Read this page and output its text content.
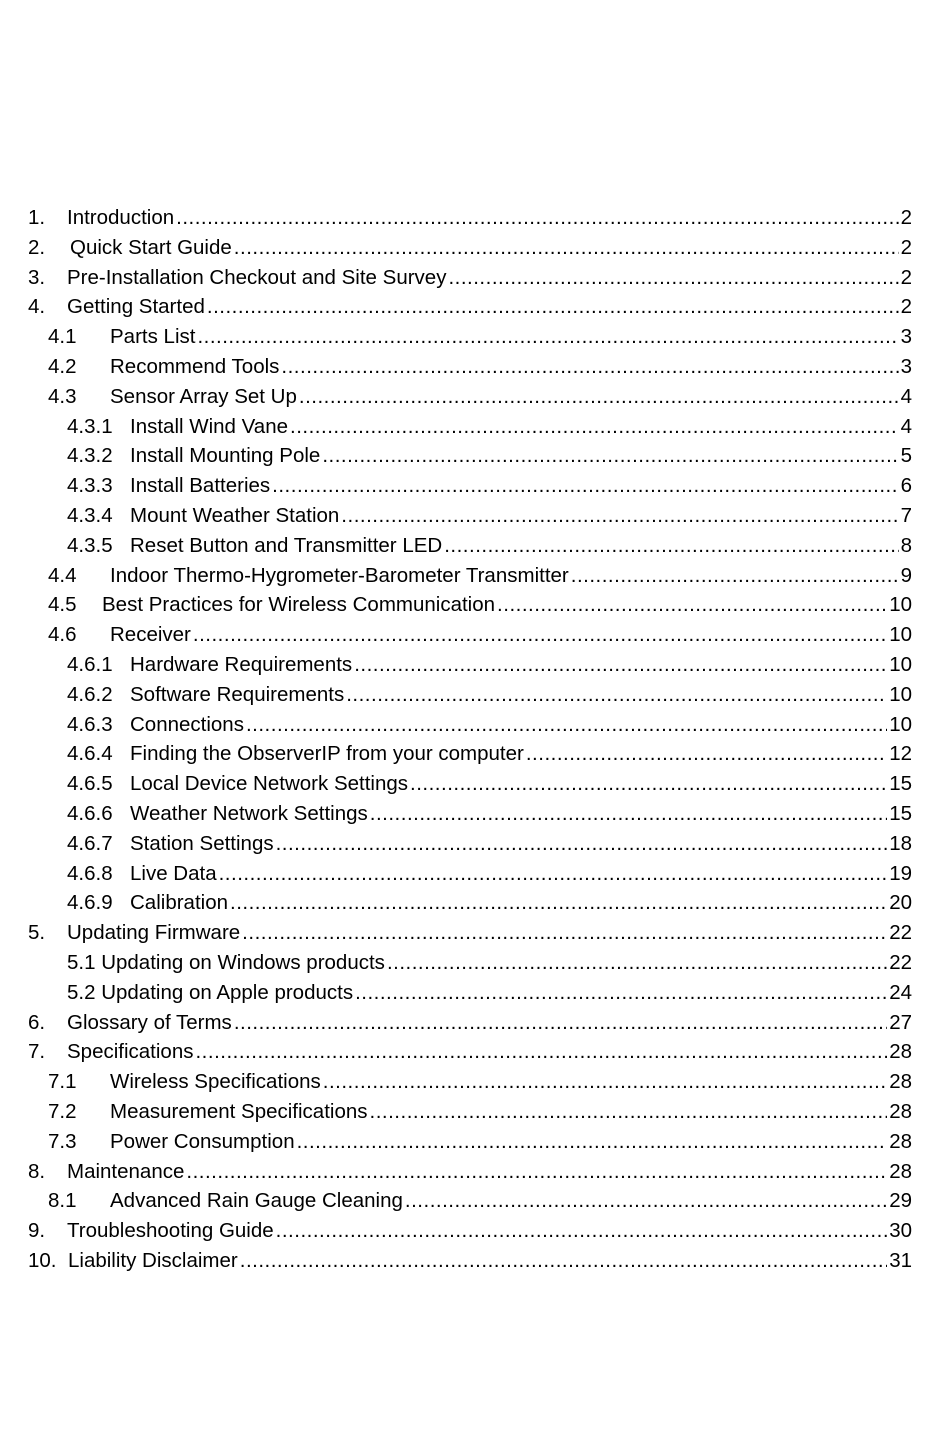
1. Introduction .....	2
2. Quick Start Guide .....	2
3. Pre-Installation Checkout and Site Survey .....	2
4. Getting Started .....	2
4.1 Parts List .....	3
4.2 Recommend Tools .....	3
4.3 Sensor Array Set Up .....	4
4.3.1 Install Wind Vane .....	4
4.3.2 Install Mounting Pole .....	5
4.3.3 Install Batteries .....	6
4.3.4 Mount Weather Station .....	7
4.3.5 Reset Button and Transmitter LED .....	8
4.4 Indoor Thermo-Hygrometer-Barometer Transmitter .....	9
4.5 Best Practices for Wireless Communication .....	10
4.6 Receiver .....	10
4.6.1 Hardware Requirements .....	10
4.6.2 Software Requirements .....	10
4.6.3 Connections .....	10
4.6.4 Finding the ObserverIP from your computer .....	12
4.6.5 Local Device Network Settings .....	15
4.6.6 Weather Network Settings .....	15
4.6.7 Station Settings .....	18
4.6.8 Live Data .....	19
4.6.9 Calibration .....	20
5. Updating Firmware .....	22
5.1 Updating on Windows products .....	22
5.2 Updating on Apple products .....	24
6. Glossary of Terms .....	27
7. Specifications .....	28
7.1 Wireless Specifications .....	28
7.2 Measurement Specifications .....	28
7.3 Power Consumption .....	28
8. Maintenance .....	28
8.1 Advanced Rain Gauge Cleaning .....	29
9. Troubleshooting Guide .....	30
10. Liability Disclaimer .....	31
